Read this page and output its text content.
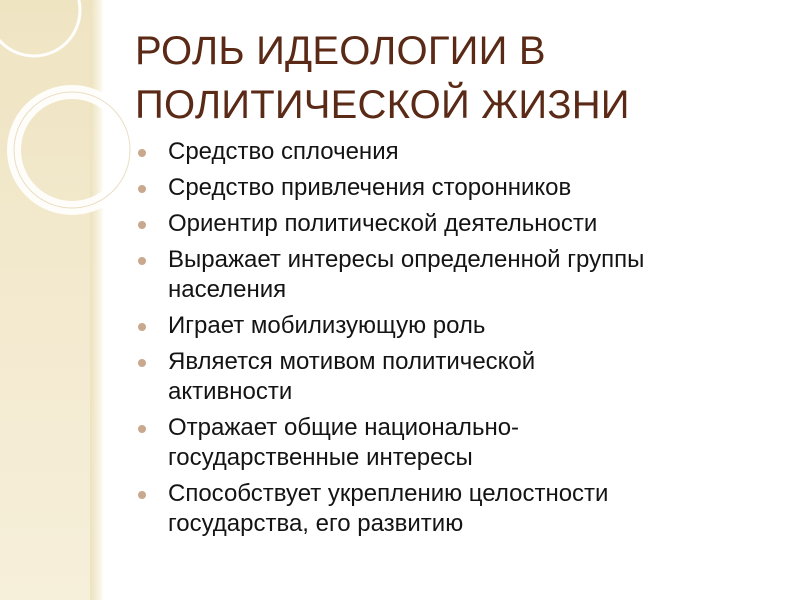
РОЛЬ ИДЕОЛОГИИ В
ПОЛИТИЧЕСКОЙ ЖИЗНИ
Средство сплочения
Средство привлечения сторонников
Ориентир политической деятельности
Выражает интересы определенной группы
населения
Играет мобилизующую роль
Является мотивом политической
активности
Отражает общие национально-
государственные интересы
Способствует укреплению целостности
государства, его развитию
